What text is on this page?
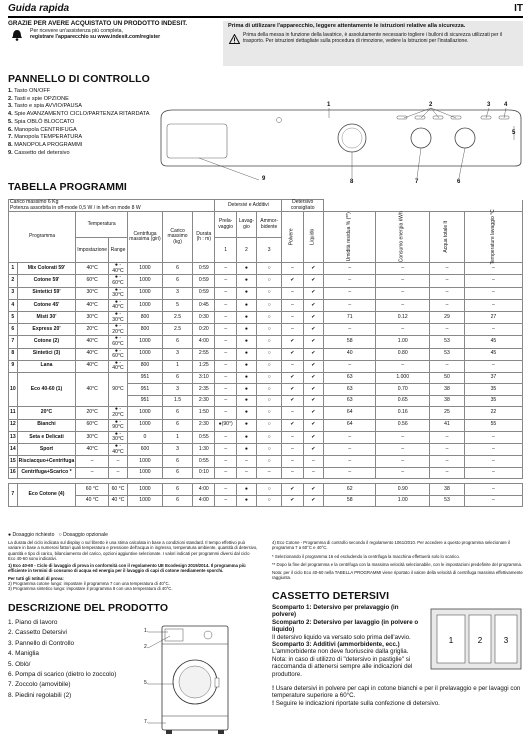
Guida rapida	IT
GRAZIE PER AVERE ACQUISTATO UN PRODOTTO INDESIT.
Per ricevere un'assistenza più completa,
registrare l'apparecchio su www.indesit.com/register
Prima di utilizzare l'apparecchio, leggere attentamente le istruzioni relative alla sicurezza.
Prima della messa in funzione della lavatrice, è assolutamente necessario togliere i bulloni di sicurezza utilizzati per il trasporto. Per istruzioni dettagliate sulla procedura di rimozione, vedere la Istruzioni per l'installazione.
PANNELLO DI CONTROLLO
1. Tasto ON/OFF
2. Tasti e spie OPZIONE
3. Tasto e spia AVVIO/PAUSA
4. Spie AVANZAMENTO CICLO/PARTENZA RITARDATA
5. Spia OBLÒ BLOCCATO
6. Manopola CENTRIFUGA
7. Manopola TEMPERATURA
8. MANOPOLA PROGRAMMI
9. Cassetto del detersivo
1	2	3 4
5
6
7
8
9
TABELLA PROGRAMMI
Carico massimo 6 Kg
Potenza assorbita in off-mode 0,5 W / in left-on mode 8 W							Detersivi e Additivi			Detersivo consigliato					
Programma		Temperatura		Centrifuga massima (giri)	Carico massimo (kg)	Durata (h : m)	Prela-vaggio	Lavag-gio	Ammor-bidente	Polvere	Liquido	Umidità residua % (**)	Consumo energia kWh	Acqua totale lt	Temperature lavaggio °C
		Impostazione	Range				1	2	3						
1	Mix Colorati 59'	40°C	● - 40°C	1000	6	0:59	–	●	○	–	✔	–	–	–	–
2	Cotone 59'	60°C	● - 60°C	1000	6	0:59	–	●	○	✔	✔	–	–	–	–
3	Sintetici 59'	30°C	● - 30°C	1000	3	0:59	–	●	○	–	✔	–	–	–	–
4	Cotone 45'	40°C	● - 40°C	1000	5	0:45	–	●	○	–	✔	–	–	–	–
5	Misti 30'	30°C	● - 30°C	800	2.5	0:30	–	●	○	–	✔	71	0.12	29	27
6	Express 20'	20°C	● - 20°C	800	2.5	0:20	–	●	○	–	✔	–	–	–	–
7	Cotone (2)	40°C	● - 60°C	1000	6	4:00	–	●	○	✔	✔	58	1.00	53	45
8	Sintetici (3)	40°C	● - 60°C	1000	3	2:55	–	●	○	✔	✔	40	0.80	53	45
9	Lana	40°C	● - 40°C	800	1	1:25	–	●	○	–	✔	–	–	–	–
10	Eco 40-60 (1)	40°C	90°C	951	6	3:10	–	●	○	✔	✔	63	1.000	50	37
				951	3	2:35	–	●	○	✔	✔	63	0.70	38	35
				951	1.5	2:30	–	●	○	✔	✔	63	0.65	38	35
11	20°C	20°C	● - 20°C	1000	6	1:50	–	●	○	–	✔	64	0.16	25	22
12	Bianchi	60°C	● - 90°C	1000	6	2:30	●(90°)	●	○	✔	✔	64	0.56	41	55
13	Seta e Delicati	30°C	● - 30°C	0	1	0:55	–	●	○	–	✔	–	–	–	–
14	Sport	40°C	● - 40°C	600	3	1:30	–	●	○	–	✔	–	–	–	–
15	Risciacquo+Centrifuga	–	–	1000	6	0:55	–	–	○	–	–	–	–	–	–
16	Centrifuga+Scarico *	–	–	1000	6	0:10	–	–	–	–	–	–	–	–	–

7	Eco Cotone (4)	60 °C	60 °C	1000	6	4:00	–	●	○	✔	✔	62	0.90	38	–
		40 °C	40 °C	1000	6	4:00	–	●	○	✔	✔	58	1.00	53	–
● Dosaggio richiesto ○ Dosaggio opzionale
La durata del ciclo indicata sul display o sul libretto è una stima calcolata in base a condizioni standard. Il tempo effettivo può variare in base a numerosi fattori quali temperatura e pressione dell'acqua in ingresso, temperatura ambiente, quantità di detersivo, quantità e tipo di carico, bilanciamento del carico, opzioni aggiuntive selezionate. I valori indicati per programmi diversi dal ciclo Eco 40-60 sono indicativi.
1) Eco 40-60 - Ciclo di lavaggio di prova in conformità con il regolamento UE Ecodesign 2019/2014. Il programma più efficiente in termini di consumo di acqua ed energia per il lavaggio di capi di cotone mediamente sporchi.
Per tutti gli Istituti di prova:
2) Programma cotone lungo: impostare il programma 7 con una temperatura di 40°C.
3) Programma sintetico lungo: impostare il programma 8 con una temperatura di 40°C.
4) Eco Cotone - Programma di controllo secondo il regolamento 1061/2010. Per accedere a questo programma selezionare il programma 7 a 60°C e 40°C.
* Selezionando il programma 16 ed escludendo la centrifuga la macchina effettuerà solo lo scarico.
** Dopo la fine del programma e la centrifuga con la massima velocità selezionabile, con le impostazioni predefinite del programma.
Nota: per il ciclo Eco 40-60 nella TABELLA PROGRAMMI viene riportato il valore della velocità di centrifuga massima effettivamente raggiunta.
DESCRIZIONE DEL PRODOTTO
1. Piano di lavoro
2. Cassetto Detersivi
3. Pannello di Controllo
4. Maniglia
5. Oblò/
6. Pompa di scarico (dietro lo zoccolo)
7. Zoccolo (amovibile)
8. Piedini regolabili (2)
1.
2.
5.
7.
CASSETTO DETERSIVI
Scomparto 1: Detersivo per prelavaggio (in polvere)
Scomparto 2: Detersivo per lavaggio (in polvere o liquido)
Il detersivo liquido va versato solo prima dell'avvio.
Scomparto 3: Additivi (ammorbidente, ecc.)
L'ammorbidente non deve fuoriuscire dalla griglia.
Nota: in caso di utilizzo di "detersivo in pastiglie" si raccomanda di attenersi sempre alle indicazioni del produttore.
1	2	3
! Usare detersivi in polvere per capi in cotone bianchi e per il prelavaggio e per lavaggi con temperature superiore a 60°C.
! Seguire le indicazioni riportate sulla confezione di detersivo.
